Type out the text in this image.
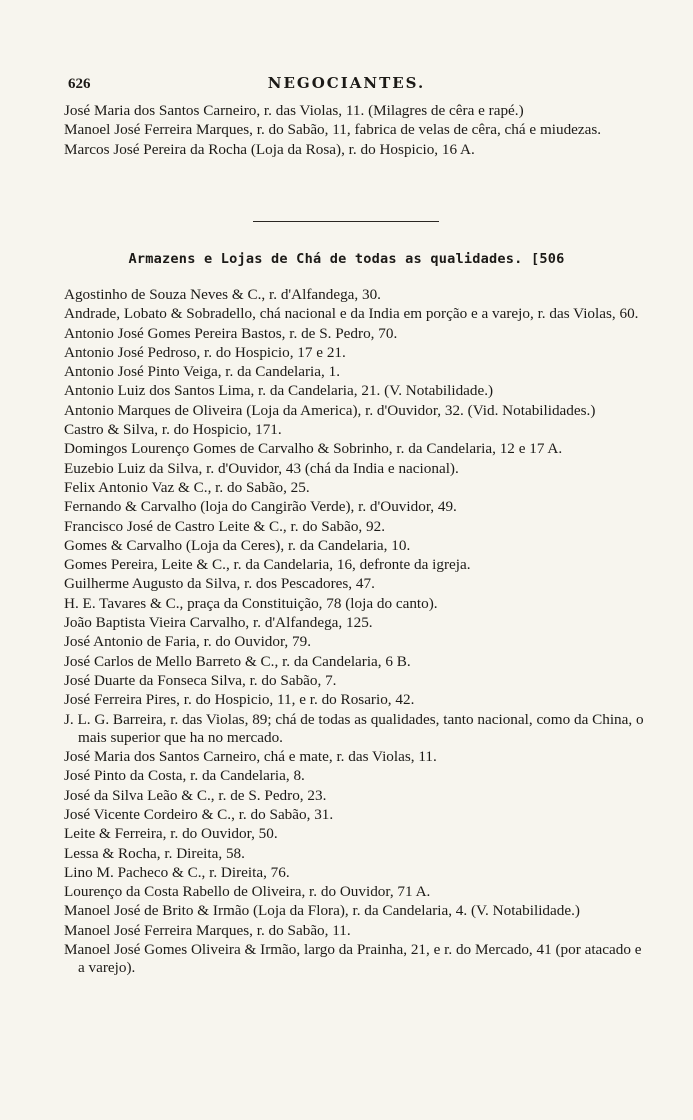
626	NEGOCIANTES.

José Maria dos Santos Carneiro, r. das Violas, 11. (Milagres de cêra e rapé.)

Manoel José Ferreira Marques, r. do Sabão, 11, fabrica de velas de cêra, chá e miudezas.

Marcos José Pereira da Rocha (Loja da Rosa), r. do Hospicio, 16 A.

Armazens e Lojas de Chá de todas as qualidades. [506

Agostinho de Souza Neves & C., r. d'Alfandega, 30.

Andrade, Lobato & Sobradello, chá nacional e da India em porção e a varejo, r. das Violas, 60.

Antonio José Gomes Pereira Bastos, r. de S. Pedro, 70.

Antonio José Pedroso, r. do Hospicio, 17 e 21.

Antonio José Pinto Veiga, r. da Candelaria, 1.

Antonio Luiz dos Santos Lima, r. da Candelaria, 21. (V. Notabilidade.)

Antonio Marques de Oliveira (Loja da America), r. d'Ouvidor, 32. (Vid. Notabilidades.)

Castro & Silva, r. do Hospicio, 171.

Domingos Lourenço Gomes de Carvalho & Sobrinho, r. da Candelaria, 12 e 17 A.

Euzebio Luiz da Silva, r. d'Ouvidor, 43 (chá da India e nacional).

Felix Antonio Vaz & C., r. do Sabão, 25.

Fernando & Carvalho (loja do Cangirão Verde), r. d'Ouvidor, 49.

Francisco José de Castro Leite & C., r. do Sabão, 92.

Gomes & Carvalho (Loja da Ceres), r. da Candelaria, 10.

Gomes Pereira, Leite & C., r. da Candelaria, 16, defronte da igreja.

Guilherme Augusto da Silva, r. dos Pescadores, 47.

H. E. Tavares & C., praça da Constituição, 78 (loja do canto).

João Baptista Vieira Carvalho, r. d'Alfandega, 125.

José Antonio de Faria, r. do Ouvidor, 79.

José Carlos de Mello Barreto & C., r. da Candelaria, 6 B.

José Duarte da Fonseca Silva, r. do Sabão, 7.

José Ferreira Pires, r. do Hospicio, 11, e r. do Rosario, 42.

J. L. G. Barreira, r. das Violas, 89; chá de todas as qualidades, tanto nacional, como da China, o mais superior que ha no mercado.

José Maria dos Santos Carneiro, chá e mate, r. das Violas, 11.

José Pinto da Costa, r. da Candelaria, 8.

José da Silva Leão & C., r. de S. Pedro, 23.

José Vicente Cordeiro & C., r. do Sabão, 31.

Leite & Ferreira, r. do Ouvidor, 50.

Lessa & Rocha, r. Direita, 58.

Lino M. Pacheco & C., r. Direita, 76.

Lourenço da Costa Rabello de Oliveira, r. do Ouvidor, 71 A.

Manoel José de Brito & Irmão (Loja da Flora), r. da Candelaria, 4. (V. Notabilidade.)

Manoel José Ferreira Marques, r. do Sabão, 11.

Manoel José Gomes Oliveira & Irmão, largo da Prainha, 21, e r. do Mercado, 41 (por atacado e a varejo).
